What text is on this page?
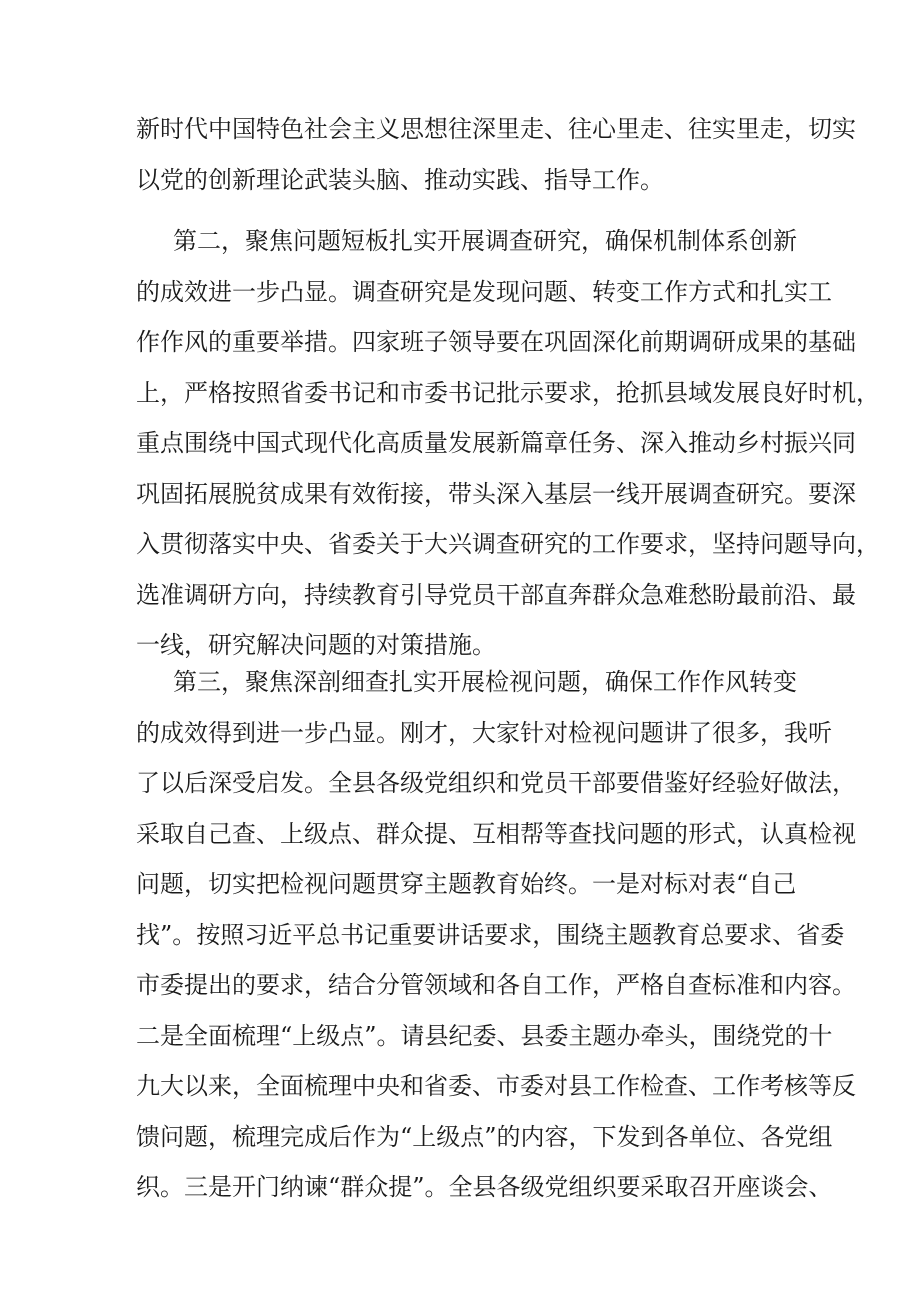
新时代中国特色社会主义思想往深里走、往心里走、往实里走，切实
以党的创新理论武装头脑、推动实践、指导工作。
第二，聚焦问题短板扎实开展调查研究，确保机制体系创新
的成效进一步凸显。调查研究是发现问题、转变工作方式和扎实工
作作风的重要举措。四家班子领导要在巩固深化前期调研成果的基础
上，严格按照省委书记和市委书记批示要求，抢抓县域发展良好时机，
重点围绕中国式现代化高质量发展新篇章任务、深入推动乡村振兴同
巩固拓展脱贫成果有效衔接，带头深入基层一线开展调查研究。要深
入贯彻落实中央、省委关于大兴调查研究的工作要求，坚持问题导向，
选准调研方向，持续教育引导党员干部直奔群众急难愁盼最前沿、最
一线，研究解决问题的对策措施。
第三，聚焦深剖细查扎实开展检视问题，确保工作作风转变
的成效得到进一步凸显。刚才，大家针对检视问题讲了很多，我听
了以后深受启发。全县各级党组织和党员干部要借鉴好经验好做法，
采取自己查、上级点、群众提、互相帮等查找问题的形式，认真检视
问题，切实把检视问题贯穿主题教育始终。一是对标对表“自己
找”。按照习近平总书记重要讲话要求，围绕主题教育总要求、省委
市委提出的要求，结合分管领域和各自工作，严格自查标准和内容。
二是全面梳理“上级点”。请县纪委、县委主题办牵头，围绕党的十
九大以来，全面梳理中央和省委、市委对县工作检查、工作考核等反
馈问题，梳理完成后作为“上级点”的内容，下发到各单位、各党组
织。三是开门纳谏“群众提”。全县各级党组织要采取召开座谈会、
